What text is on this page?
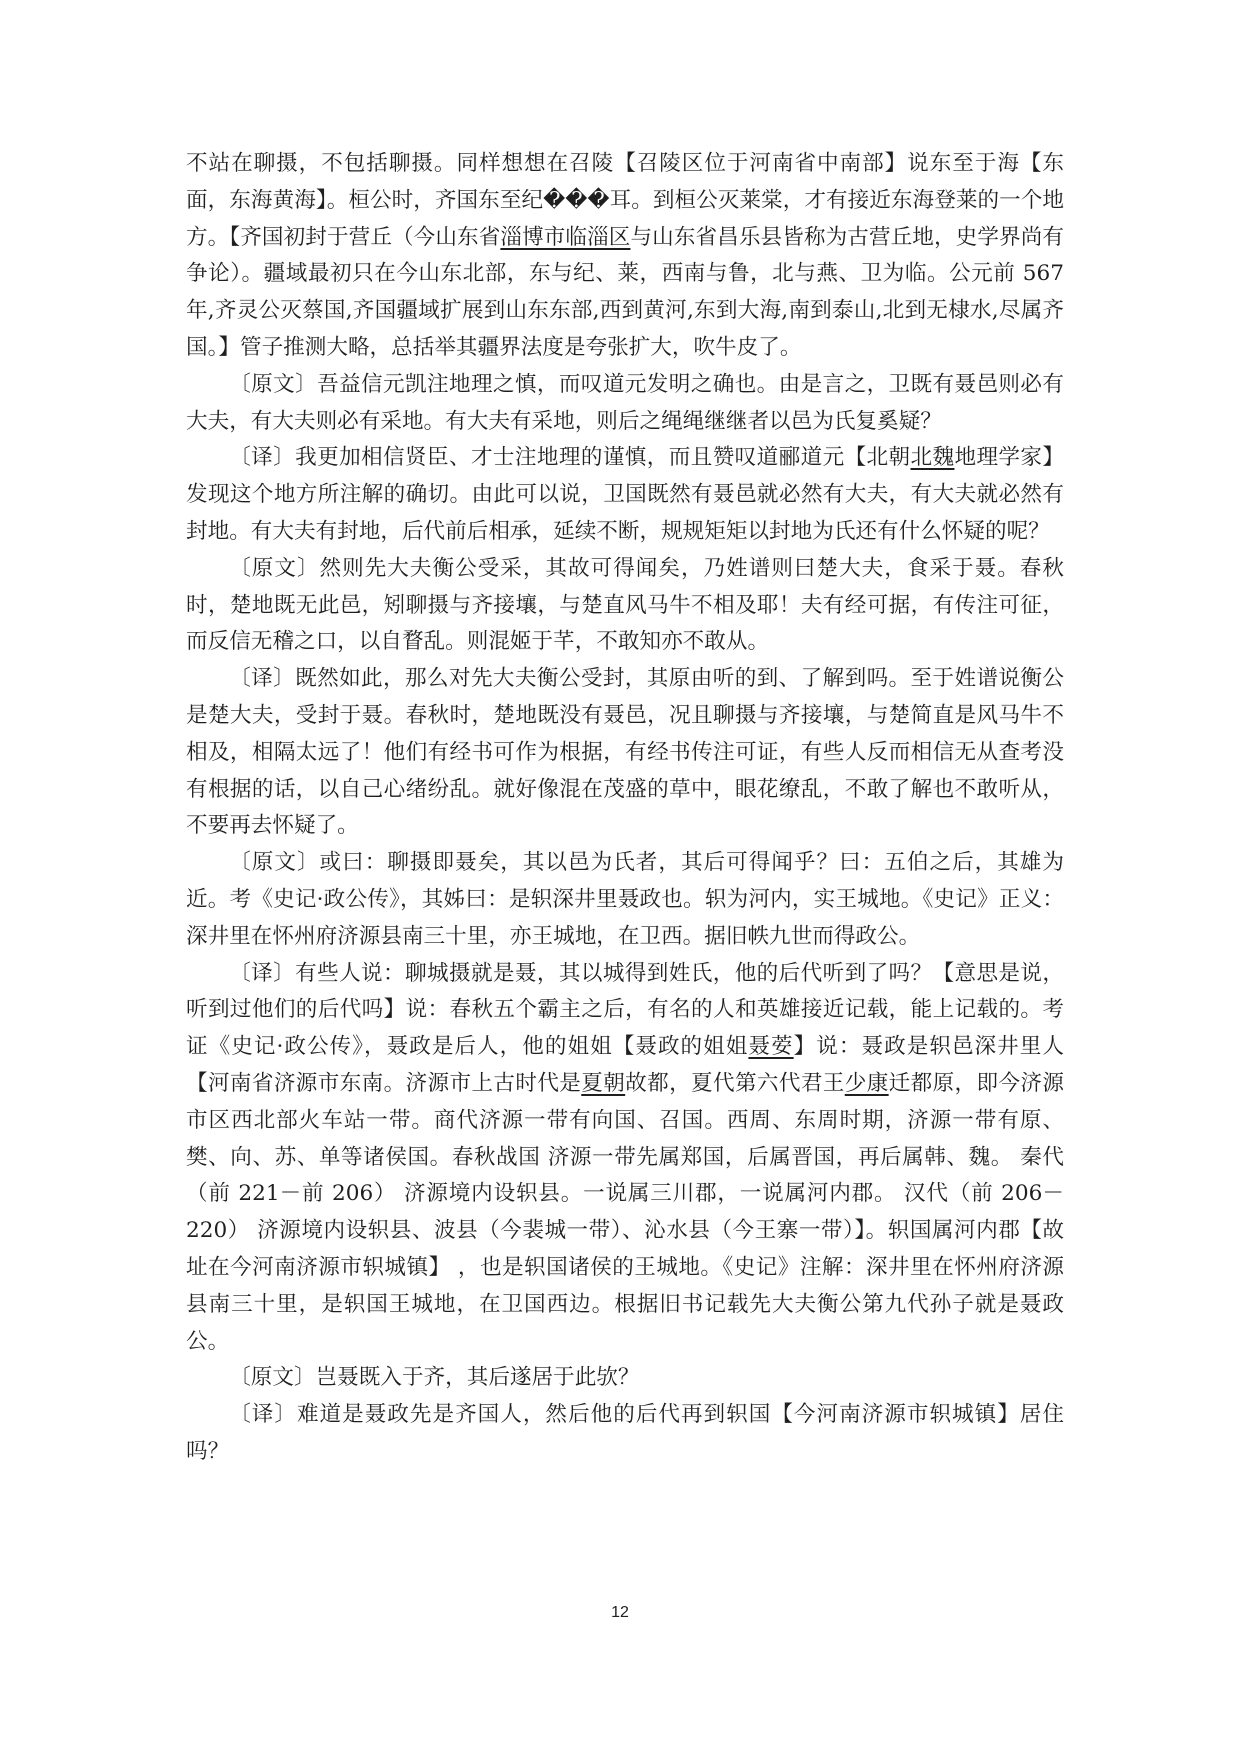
不站在聊摄，不包括聊摄。同样想想在召陵【召陵区位于河南省中南部】说东至于海【东面，东海黄海】。桓公时，齐国东至纪���耳。到桓公灭莱棠，才有接近东海登莱的一个地方。【齐国初封于营丘（今山东省淄博市临淄区与山东省昌乐县皆称为古营丘地，史学界尚有争论）。疆域最初只在今山东北部，东与纪、莱，西南与鲁，北与燕、卫为临。公元前 567 年,齐灵公灭蔡国,齐国疆域扩展到山东东部,西到黄河,东到大海,南到泰山,北到无棣水,尽属齐国。】管子推测大略，总括举其疆界法度是夸张扩大，吹牛皮了。

〔原文〕吾益信元凯注地理之慎，而叹道元发明之确也。由是言之，卫既有聂邑则必有大夫，有大夫则必有采地。有大夫有采地，则后之绳绳继继者以邑为氏复奚疑？

〔译〕我更加相信贤臣、才士注地理的谨慎，而且赞叹道郦道元【北朝北魏地理学家】发现这个地方所注解的确切。由此可以说，卫国既然有聂邑就必然有大夫，有大夫就必然有封地。有大夫有封地，后代前后相承，延续不断，规规矩矩以封地为氏还有什么怀疑的呢？

〔原文〕然则先大夫衡公受采，其故可得闻矣，乃姓谱则曰楚大夫，食采于聂。春秋时，楚地既无此邑，矧聊摄与齐接壤，与楚直风马牛不相及耶！夫有经可据，有传注可征，而反信无稽之口，以自瞀乱。则混姬于芊，不敢知亦不敢从。

〔译〕既然如此，那么对先大夫衡公受封，其原由听的到、了解到吗。至于姓谱说衡公是楚大夫，受封于聂。春秋时，楚地既没有聂邑，况且聊摄与齐接壤，与楚简直是风马牛不相及，相隔太远了！他们有经书可作为根据，有经书传注可证，有些人反而相信无从查考没有根据的话，以自己心绪纷乱。就好像混在茂盛的草中，眼花缭乱，不敢了解也不敢听从，不要再去怀疑了。

〔原文〕或曰：聊摄即聂矣，其以邑为氏者，其后可得闻乎？曰：五伯之后，其雄为近。考《史记·政公传》，其姊曰：是轵深井里聂政也。轵为河内，实王城地。《史记》正义：深井里在怀州府济源县南三十里，亦王城地，在卫西。据旧帙九世而得政公。

〔译〕有些人说：聊城摄就是聂，其以城得到姓氏，他的后代听到了吗？【意思是说，听到过他们的后代吗】说：春秋五个霸主之后，有名的人和英雄接近记载，能上记载的。考证《史记·政公传》，聂政是后人，他的姐姐【聂政的姐姐聂荌】说：聂政是轵邑深井里人【河南省济源市东南。济源市上古时代是夏朝故都，夏代第六代君王少康迁都原，即今济源市区西北部火车站一带。商代济源一带有向国、召国。西周、东周时期，济源一带有原、樊、向、苏、单等诸侯国。春秋战国 济源一带先属郑国，后属晋国，再后属韩、魏。 秦代（前 221－前 206） 济源境内设轵县。一说属三川郡，一说属河内郡。 汉代（前 206－220） 济源境内设轵县、波县（今裴城一带）、沁水县（今王寨一带）】。轵国属河内郡【故址在今河南济源市轵城镇】 ，也是轵国诸侯的王城地。《史记》注解：深井里在怀州府济源县南三十里，是轵国王城地，在卫国西边。根据旧书记载先大夫衡公第九代孙子就是聂政公。

〔原文〕岂聂既入于齐，其后遂居于此欤？

〔译〕难道是聂政先是齐国人，然后他的后代再到轵国【今河南济源市轵城镇】居住吗？

12
